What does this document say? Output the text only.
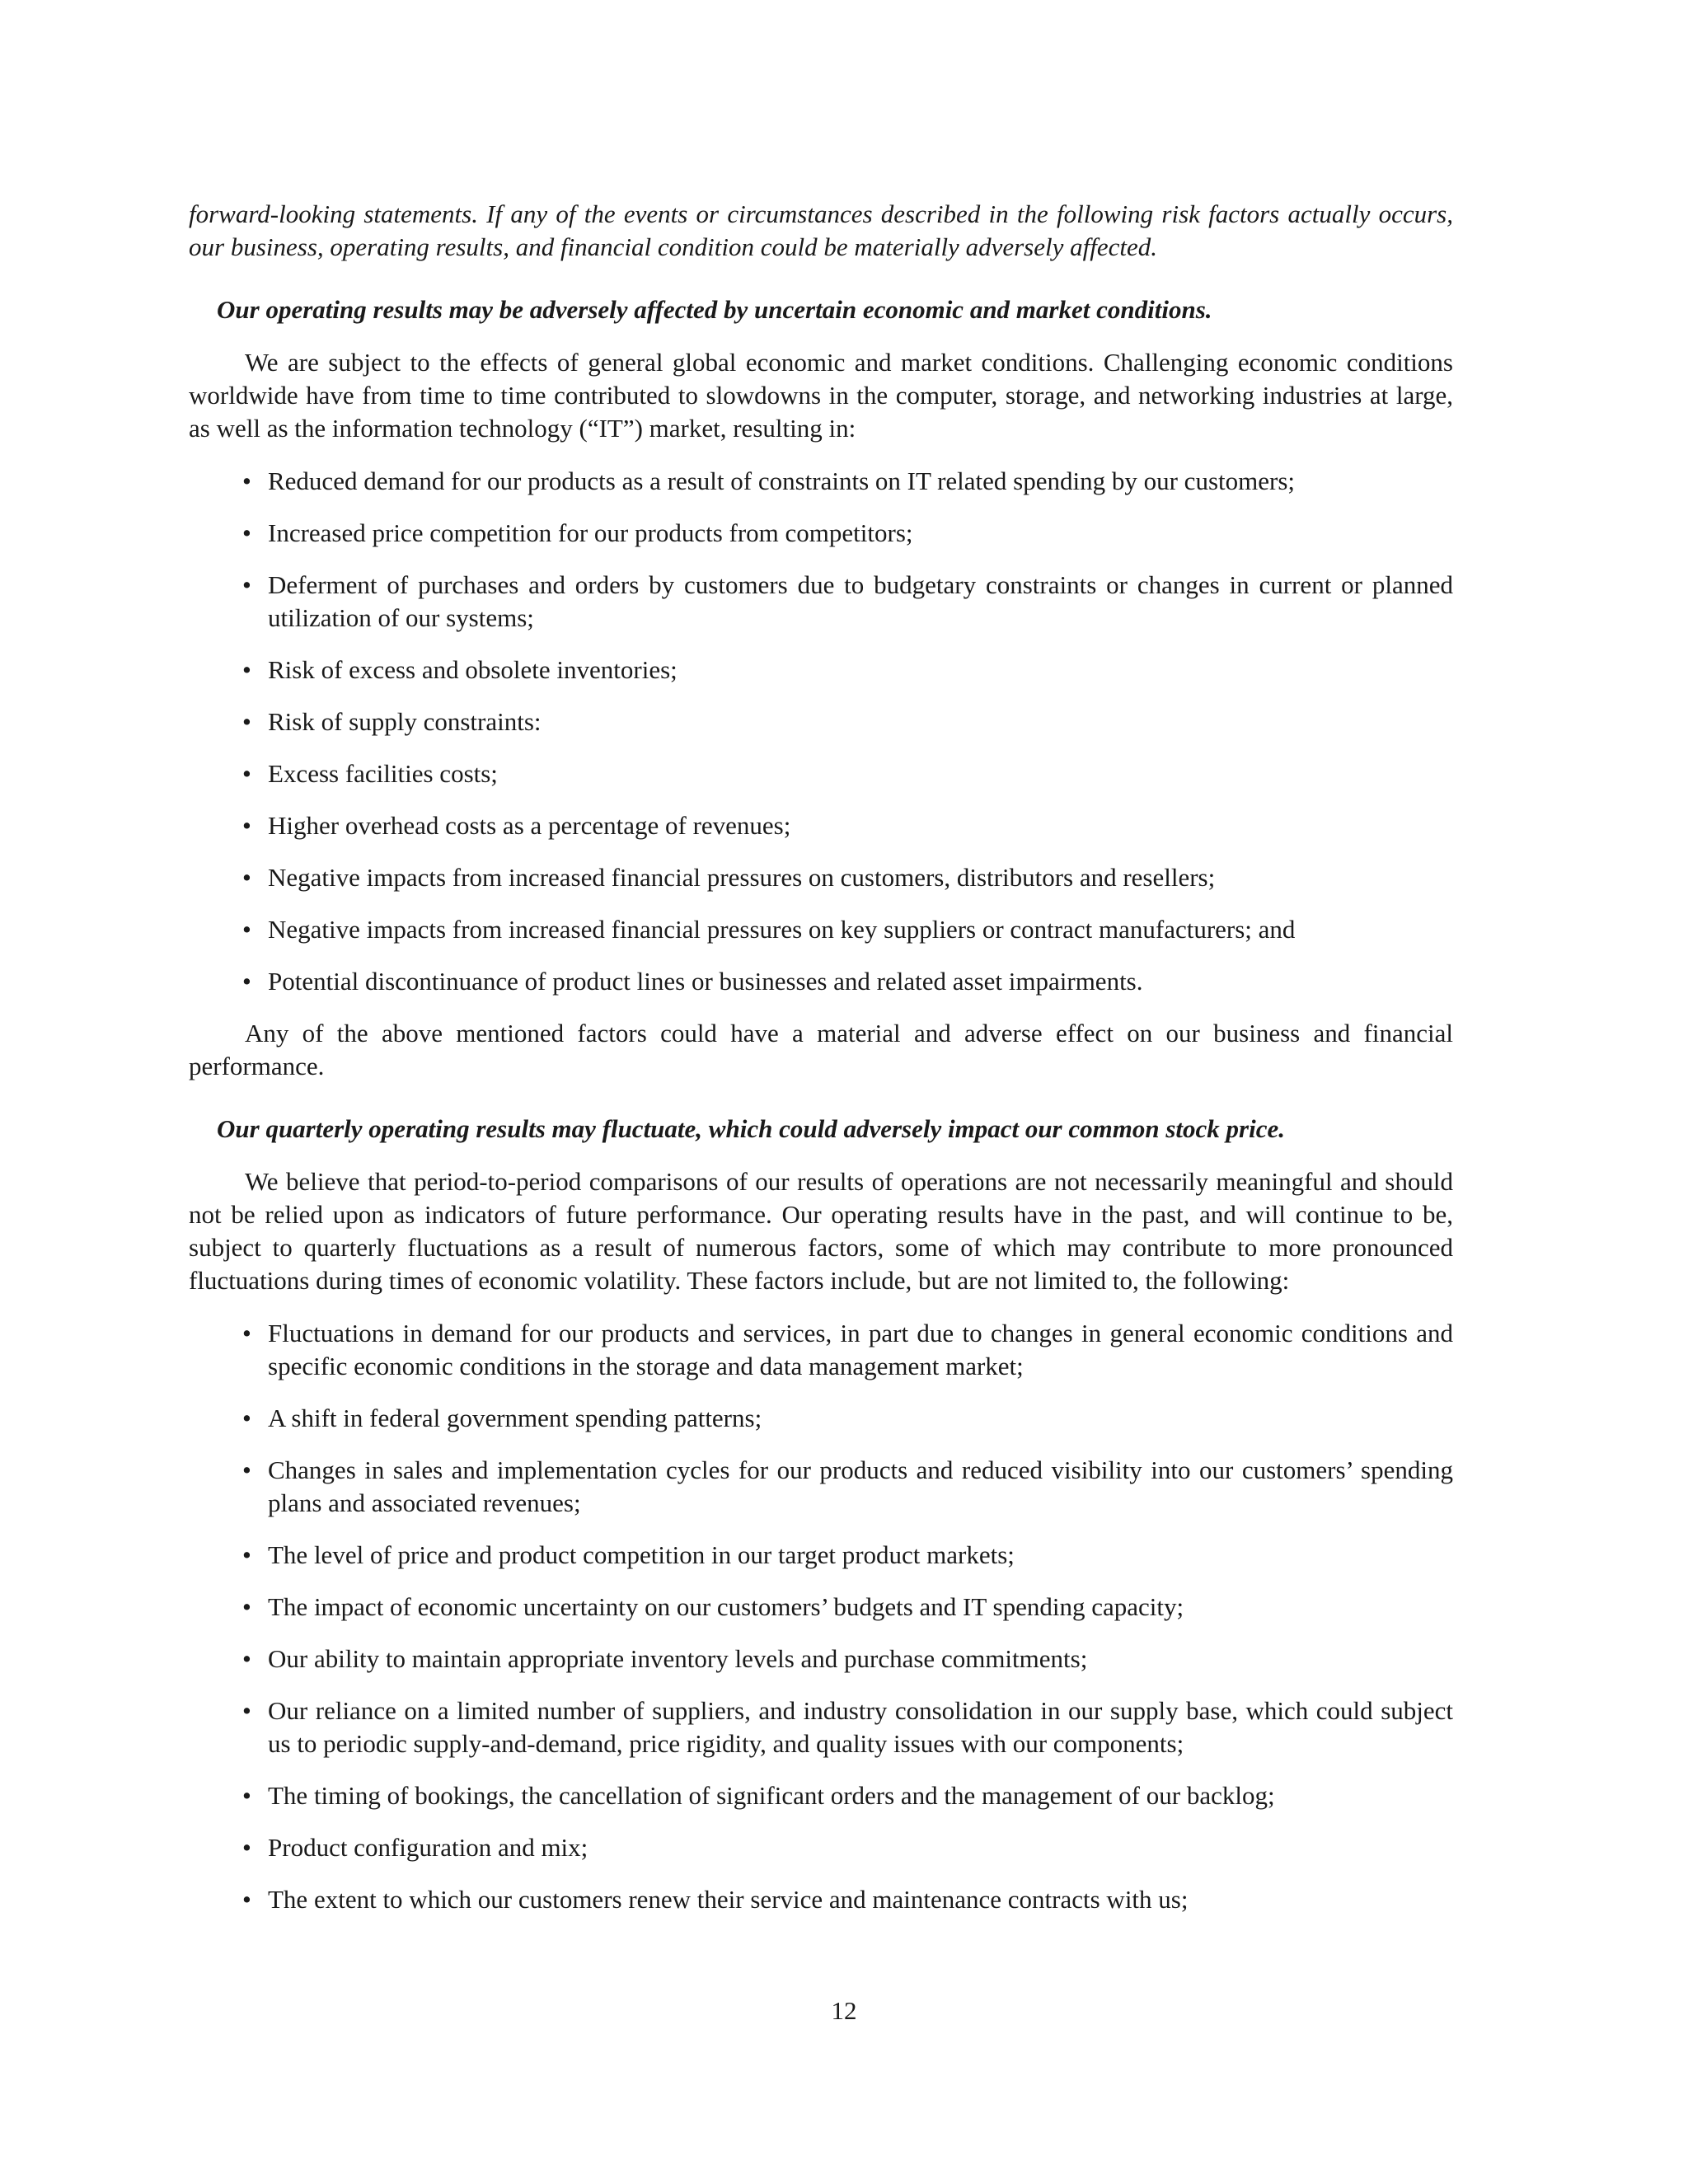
forward-looking statements. If any of the events or circumstances described in the following risk factors actually occurs, our business, operating results, and financial condition could be materially adversely affected.

Our operating results may be adversely affected by uncertain economic and market conditions.

We are subject to the effects of general global economic and market conditions. Challenging economic conditions worldwide have from time to time contributed to slowdowns in the computer, storage, and networking industries at large, as well as the information technology (“IT”) market, resulting in:

• Reduced demand for our products as a result of constraints on IT related spending by our customers;
• Increased price competition for our products from competitors;
• Deferment of purchases and orders by customers due to budgetary constraints or changes in current or planned utilization of our systems;
• Risk of excess and obsolete inventories;
• Risk of supply constraints:
• Excess facilities costs;
• Higher overhead costs as a percentage of revenues;
• Negative impacts from increased financial pressures on customers, distributors and resellers;
• Negative impacts from increased financial pressures on key suppliers or contract manufacturers; and
• Potential discontinuance of product lines or businesses and related asset impairments.

Any of the above mentioned factors could have a material and adverse effect on our business and financial performance.

Our quarterly operating results may fluctuate, which could adversely impact our common stock price.

We believe that period-to-period comparisons of our results of operations are not necessarily meaningful and should not be relied upon as indicators of future performance. Our operating results have in the past, and will continue to be, subject to quarterly fluctuations as a result of numerous factors, some of which may contribute to more pronounced fluctuations during times of economic volatility. These factors include, but are not limited to, the following:

• Fluctuations in demand for our products and services, in part due to changes in general economic conditions and specific economic conditions in the storage and data management market;
• A shift in federal government spending patterns;
• Changes in sales and implementation cycles for our products and reduced visibility into our customers’ spending plans and associated revenues;
• The level of price and product competition in our target product markets;
• The impact of economic uncertainty on our customers’ budgets and IT spending capacity;
• Our ability to maintain appropriate inventory levels and purchase commitments;
• Our reliance on a limited number of suppliers, and industry consolidation in our supply base, which could subject us to periodic supply-and-demand, price rigidity, and quality issues with our components;
• The timing of bookings, the cancellation of significant orders and the management of our backlog;
• Product configuration and mix;
• The extent to which our customers renew their service and maintenance contracts with us;
12
